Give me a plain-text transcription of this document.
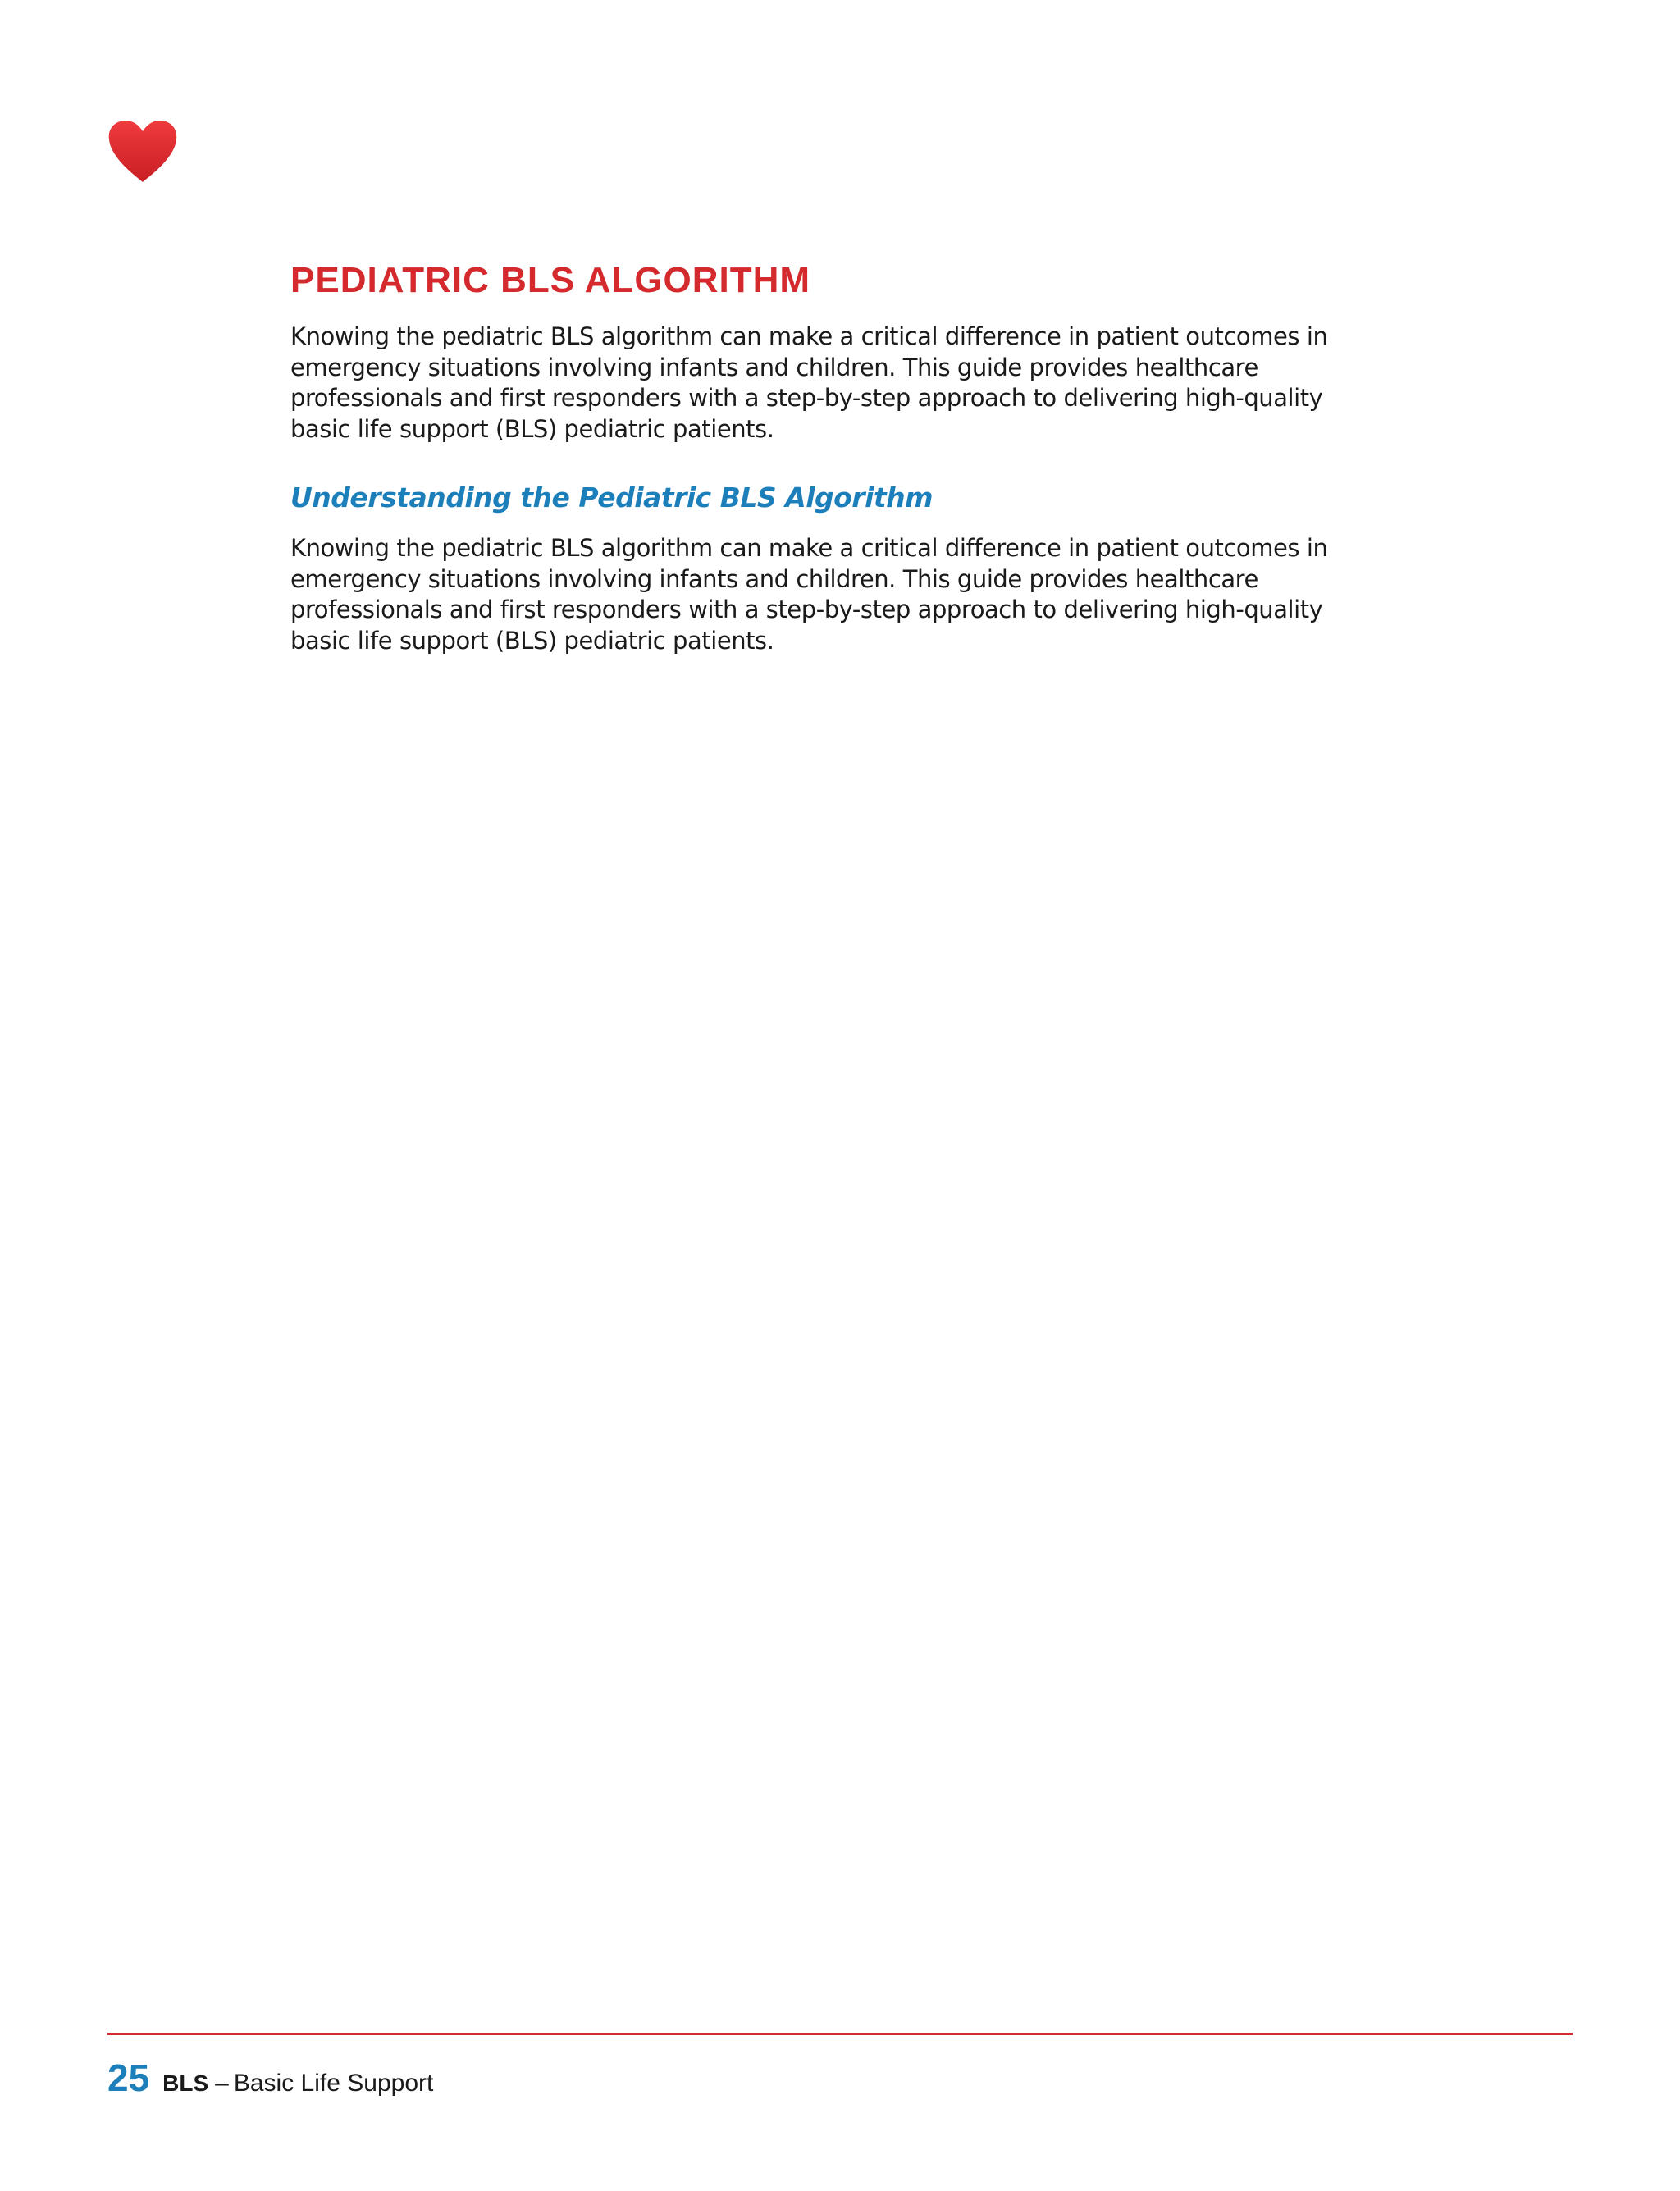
PEDIATRIC BLS ALGORITHM

Knowing the pediatric BLS algorithm can make a critical difference in patient outcomes in
emergency situations involving infants and children. This guide provides healthcare
professionals and first responders with a step-by-step approach to delivering high-quality
basic life support (BLS) pediatric patients.

Understanding the Pediatric BLS Algorithm

Knowing the pediatric BLS algorithm can make a critical difference in patient outcomes in
emergency situations involving infants and children. This guide provides healthcare
professionals and first responders with a step-by-step approach to delivering high-quality
basic life support (BLS) pediatric patients.

25 BLS – Basic Life Support
